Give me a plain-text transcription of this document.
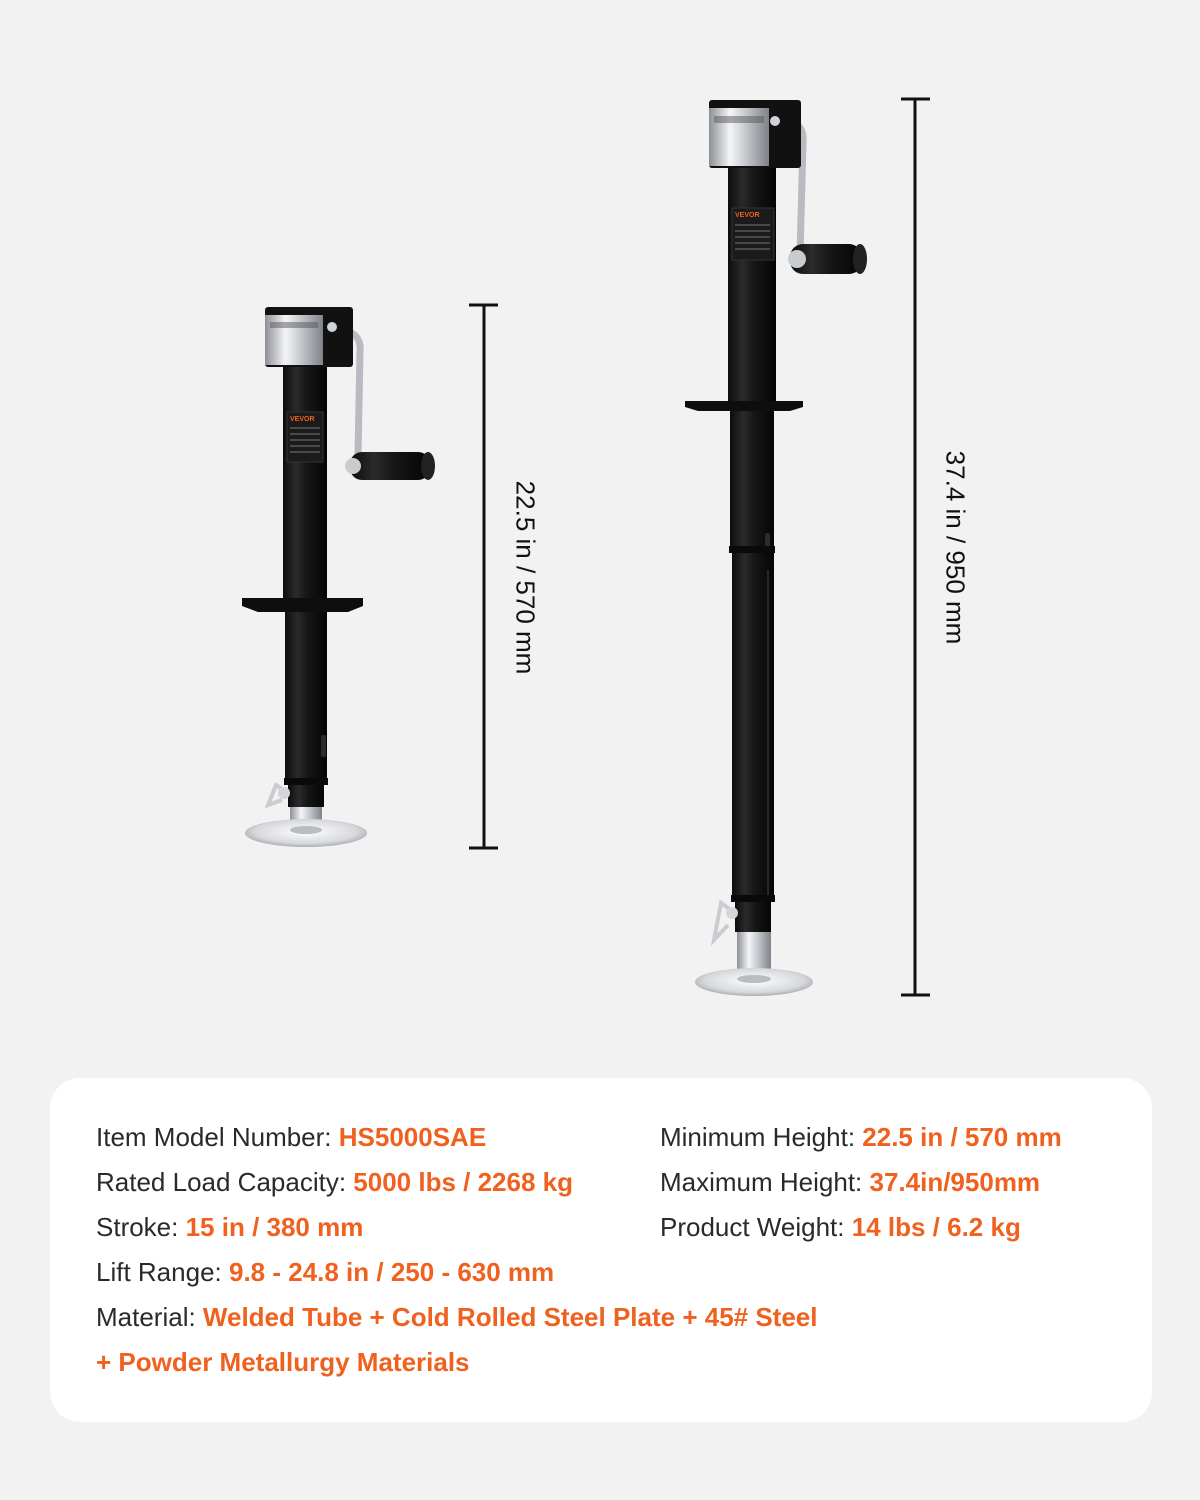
VEVOR
VEVOR
22.5 in / 570 mm	37.4 in / 950 mm
Item Model Number: HS5000SAE
Rated Load Capacity: 5000 lbs / 2268 kg
Stroke: 15 in / 380 mm
Lift Range: 9.8 - 24.8 in / 250 - 630 mm
Material: Welded Tube + Cold Rolled Steel Plate + 45# Steel
+ Powder Metallurgy Materials
Minimum Height: 22.5 in / 570 mm
Maximum Height: 37.4in/950mm
Product Weight: 14 lbs / 6.2 kg
